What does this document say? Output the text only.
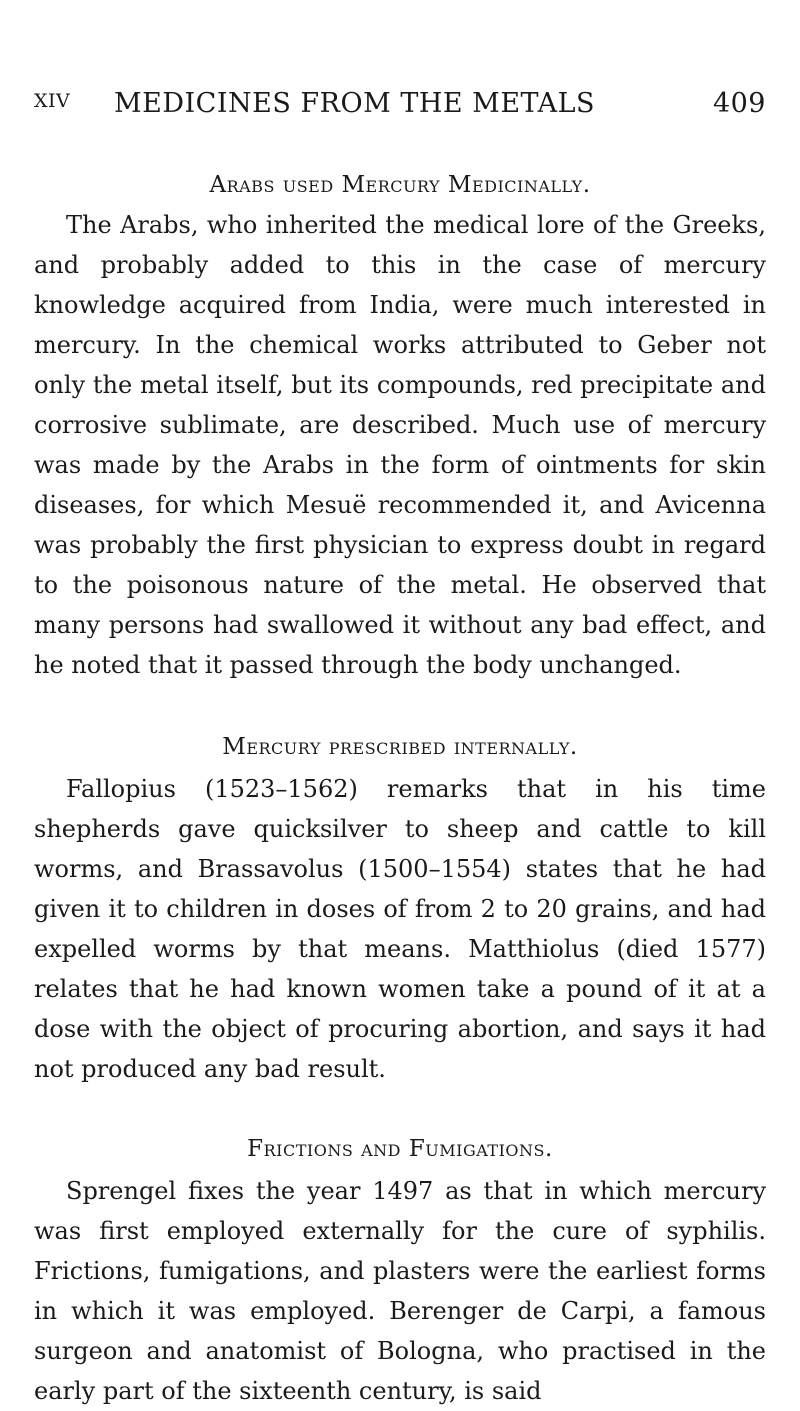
XIV MEDICINES FROM THE METALS	409
Arabs used Mercury Medicinally.

The Arabs, who inherited the medical lore of the Greeks, and probably added to this in the case of mercury knowledge acquired from India, were much interested in mercury. In the chemical works attributed to Geber not only the metal itself, but its compounds, red precipitate and corrosive sublimate, are described. Much use of mercury was made by the Arabs in the form of ointments for skin diseases, for which Mesuë recommended it, and Avicenna was probably the first physician to express doubt in regard to the poisonous nature of the metal. He observed that many persons had swallowed it without any bad effect, and he noted that it passed through the body unchanged.

Mercury prescribed internally.

Fallopius (1523–1562) remarks that in his time shepherds gave quicksilver to sheep and cattle to kill worms, and Brassavolus (1500–1554) states that he had given it to children in doses of from 2 to 20 grains, and had expelled worms by that means. Matthiolus (died 1577) relates that he had known women take a pound of it at a dose with the object of procuring abortion, and says it had not produced any bad result.

Frictions and Fumigations.

Sprengel fixes the year 1497 as that in which mercury was first employed externally for the cure of syphilis. Frictions, fumigations, and plasters were the earliest forms in which it was employed. Berenger de Carpi, a famous surgeon and anatomist of Bologna, who practised in the early part of the sixteenth century, is said
